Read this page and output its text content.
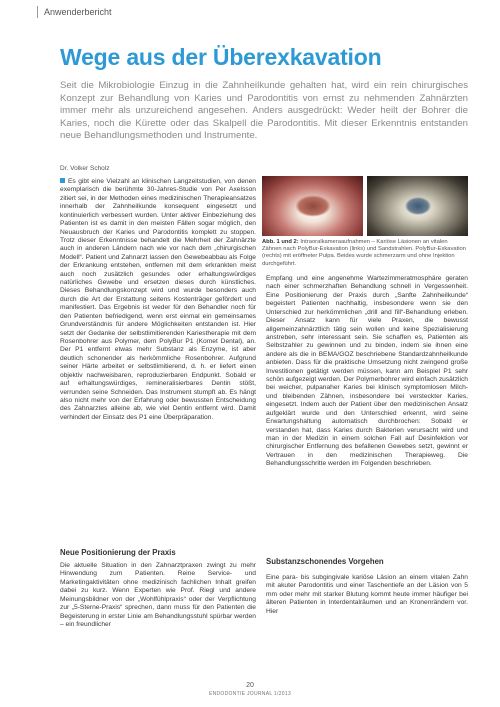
Anwenderbericht
Wege aus der Überexkavation

Seit die Mikrobiologie Einzug in die Zahnheilkunde gehalten hat, wird ein rein chirurgisches Konzept zur Behandlung von Karies und Parodontitis von ernst zu nehmenden Zahnärzten immer mehr als unzureichend angesehen. Anders ausgedrückt: Weder heilt der Bohrer die Karies, noch die Kürette oder das Skalpell die Parodontitis. Mit dieser Erkenntnis entstanden neue Behandlungsmethoden und Instrumente.

Dr. Volker Scholz

Es gibt eine Vielzahl an klinischen Langzeitstudien, von denen exemplarisch die berühmte 30-Jahres-Studie von Per Axelsson zitiert sei, in der Methoden eines medizinischen Therapieansatzes innerhalb der Zahnheilkunde konsequent eingesetzt und kontinuierlich verbessert wurden. Unter aktiver Einbeziehung des Patienten ist es damit in den meisten Fällen sogar möglich, den Neuausbruch der Karies und Parodontitis komplett zu stoppen. Trotz dieser Erkenntnisse behandelt die Mehrheit der Zahnärzte auch in anderen Ländern nach wie vor nach dem „chirurgischen Modell“. Patient und Zahnarzt lassen den Gewebeabbau als Folge der Erkrankung entstehen, entfernen mit dem erkrankten meist auch noch zusätzlich gesundes oder erhaltungswürdiges natürliches Gewebe und ersetzen dieses durch künstliches. Dieses Behandlungskonzept wird und wurde besonders auch durch die Art der Erstattung seitens Kostenträger gefördert und manifestiert. Das Ergebnis ist weder für den Behandler noch für den Patienten befriedigend, wenn erst einmal ein gemeinsames Grundverständnis für andere Möglichkeiten entstanden ist. Hier setzt der Gedanke der selbstlimitierenden Kariestherapie mit dem Rosenbohrer aus Polymer, dem PolyBur P1 (Komet Dental), an. Der P1 entfernt etwas mehr Substanz als Enzyme, ist aber deutlich schonender als herkömmliche Rosenbohrer. Aufgrund seiner Härte arbeitet er selbstlimitierend, d. h. er liefert einen objektiv nachweisbaren, reproduzierbaren Endpunkt. Sobald er auf erhaltungswürdiges, remineralisierbares Dentin stößt, verrunden seine Schneiden. Das Instrument stumpft ab. Es hängt also nicht mehr von der Erfahrung oder bewussten Entscheidung des Zahnarztes alleine ab, wie viel Dentin entfernt wird. Damit verhindert der Einsatz des P1 eine Überpräparation.

Neue Positionierung der Praxis

Die aktuelle Situation in den Zahnarztpraxen zwingt zu mehr Hinwendung zum Patienten. Reine Service- und Marketingaktivitäten ohne medizinisch fachlichen Inhalt greifen dabei zu kurz. Wenn Experten wie Prof. Riegl und andere Meinungsbildner von der „Wohlfühlpraxis“ oder der Verpflichtung zur „5-Sterne-Praxis“ sprechen, dann muss für den Patienten die Begeisterung in erster Linie am Behandlungsstuhl spürbar werden – ein freundlicher

Abb. 1 und 2: Intraoralkameraaufnahmen – Kariöse Läsionen an vitalen Zähnen nach PolyBur-Exkavation (links) und Sandstrahlen. PolyBur-Exkavation (rechts) mit eröffneter Pulpa. Beides wurde schmerzarm und ohne Injektion durchgeführt.

Empfang und eine angenehme Wartezimmeratmosphäre geraten nach einer schmerzhaften Behandlung schnell in Vergessenheit. Eine Positionierung der Praxis durch „Sanfte Zahnheilkunde“ begeistert Patienten nachhaltig, insbesondere wenn sie den Unterschied zur herkömmlichen „drill and fill“-Behandlung erleben. Dieser Ansatz kann für viele Praxen, die bewusst allgemeinzahnärztlich tätig sein wollen und keine Spezialisierung anstreben, sehr interessant sein. Sie schaffen es, Patienten als Selbstzahler zu gewinnen und zu binden, indem sie ihnen eine andere als die in BEMA/GOZ beschriebene Standardzahnheilkunde anbieten. Dass für die praktische Umsetzung nicht zwingend große Investitionen getätigt werden müssen, kann am Beispiel P1 sehr schön aufgezeigt werden. Der Polymerbohrer wird einfach zusätzlich bei weicher, pulpanaher Karies bei klinisch symptomlosen Milch- und bleibenden Zähnen, insbesondere bei versteckter Karies, eingesetzt. Indem auch der Patient über den medizinischen Ansatz aufgeklärt wurde und den Unterschied erkennt, wird seine Erwartungshaltung automatisch durchbrochen: Sobald er verstanden hat, dass Karies durch Bakterien verursacht wird und man in der Medizin in einem solchen Fall auf Desinfektion vor chirurgischer Entfernung des befallenen Gewebes setzt, gewinnt er Vertrauen in den medizinischen Therapieweg. Die Behandlungsschritte werden im Folgenden beschrieben.

Substanzschonendes Vorgehen

Eine para- bis subgingivale kariöse Läsion an einem vitalen Zahn mit akuter Parodontitis und einer Taschentiefe an der Läsion von 5 mm oder mehr mit starker Blutung kommt heute immer häufiger bei älteren Patienten in Interdentalräumen und an Kronenrändern vor. Hier

20
ENDODONTIE JOURNAL 1/2013
